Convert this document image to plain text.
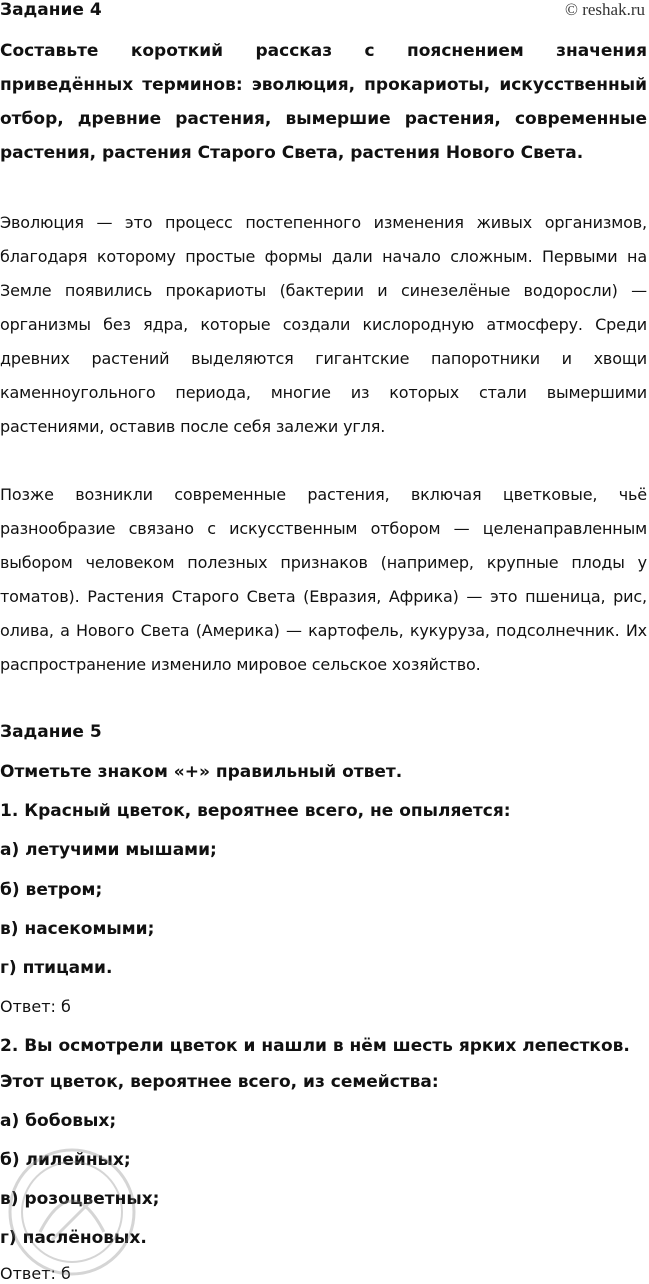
© reshak.ru
Задание 4

Составьте короткий рассказ с пояснением значения приведённых терминов: эволюция, прокариоты, искусственный отбор, древние растения, вымершие растения, современные растения, растения Старого Света, растения Нового Света.

Эволюция — это процесс постепенного изменения живых организмов, благодаря которому простые формы дали начало сложным. Первыми на Земле появились прокариоты (бактерии и синезелёные водоросли) — организмы без ядра, которые создали кислородную атмосферу. Среди древних растений выделяются гигантские папоротники и хвощи каменноугольного периода, многие из которых стали вымершими растениями, оставив после себя залежи угля.

Позже возникли современные растения, включая цветковые, чьё разнообразие связано с искусственным отбором — целенаправленным выбором человеком полезных признаков (например, крупные плоды у томатов). Растения Старого Света (Евразия, Африка) — это пшеница, рис, олива, а Нового Света (Америка) — картофель, кукуруза, подсолнечник. Их распространение изменило мировое сельское хозяйство.

Задание 5
Отметьте знаком «+» правильный ответ.
1. Красный цветок, вероятнее всего, не опыляется:
а) летучими мышами;
б) ветром;
в) насекомыми;
г) птицами.
Ответ: б
2. Вы осмотрели цветок и нашли в нём шесть ярких лепестков.
Этот цветок, вероятнее всего, из семейства:
а) бобовых;
б) лилейных;
в) розоцветных;
г) паслёновых.
Ответ: б
